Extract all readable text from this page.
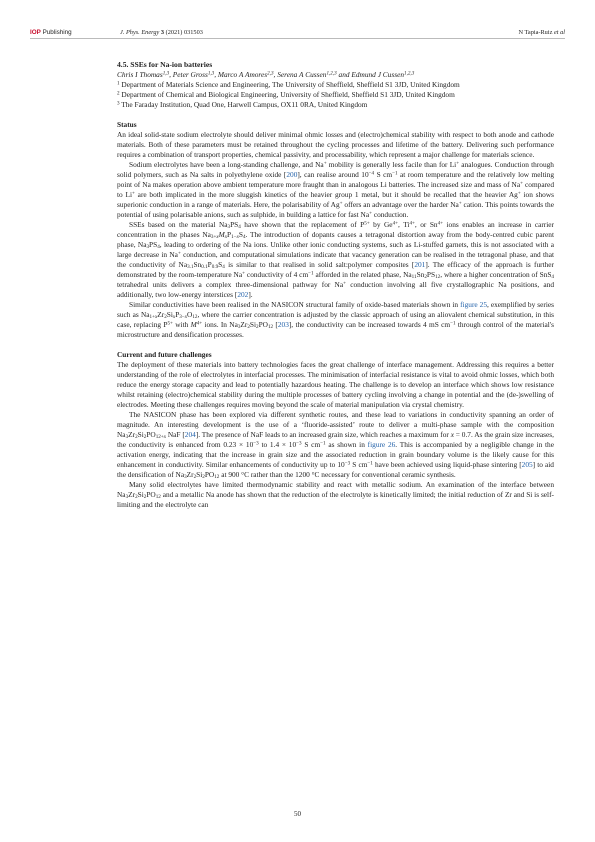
IOP Publishing	J. Phys. Energy 3 (2021) 031503	N Tapia-Ruiz et al

4.5. SSEs for Na-ion batteries

Chris I Thomas$^{1,3}$, Peter Gross$^{1,3}$, Marco A Amores$^{2,3}$, Serena A Cussen$^{1,2,3}$ and Edmund J Cussen$^{1,2,3}$

$^1$ Department of Materials Science and Engineering, The University of Sheffield, Sheffield S1 3JD, United Kingdom

$^2$ Department of Chemical and Biological Engineering, University of Sheffield, Sheffield S1 3JD, United Kingdom

$^3$ The Faraday Institution, Quad One, Harwell Campus, OX11 0RA, United Kingdom

Status

An ideal solid-state sodium electrolyte should deliver minimal ohmic losses and (electro)chemical stability with respect to both anode and cathode materials. Both of these parameters must be retained throughout the cycling processes and lifetime of the battery. Delivering such performance requires a combination of transport properties, chemical passivity, and processability, which represent a major challenge for materials science.

Sodium electrolytes have been a long-standing challenge, and Na+ mobility is generally less facile than for Li+ analogues. Conduction through solid polymers, such as Na salts in polyethylene oxide [200], can realise around $10^{-4}$ S $cm^{-1}$ at room temperature and the relatively low melting point of Na makes operation above ambient temperature more fraught than in analogous Li batteries. The increased size and mass of Na+ compared to Li+ are both implicated in the more sluggish kinetics of the heavier group 1 metal, but it should be recalled that the heavier Ag+ ion shows superionic conduction in a range of materials. Here, the polarisability of Ag+ offers an advantage over the harder Na+ cation. This points towards the potential of using polarisable anions, such as sulphide, in building a lattice for fast Na+ conduction.

SSEs based on the material $Na_3PS_4$ have shown that the replacement of $P^{5+}$ by $Ge^{4+}$, $Ti^{4+}$, or $Sn^{4+}$ ions enables an increase in carrier concentration in the phases $Na_{3+x}M_xP_{1-x}S_4$. The introduction of dopants causes a tetragonal distortion away from the body-centred cubic parent phase, $Na_3PS_4$, leading to ordering of the Na ions. Unlike other ionic conducting systems, such as Li-stuffed garnets, this is not associated with a large decrease in Na+ conduction, and computational simulations indicate that vacancy generation can be realised in the tetragonal phase, and that the conductivity of $Na_{3.1}Sn_{0.1}P_{0.9}S_4$ is similar to that realised in solid salt:polymer composites [201]. The efficacy of the approach is further demonstrated by the room-temperature Na+ conductivity of 4 $cm^{-1}$ afforded in the related phase, $Na_{11}Sn_2PS_{12}$, where a higher concentration of SnS$_4$ tetrahedral units delivers a complex three-dimensional pathway for Na+ conduction involving all five crystallographic Na positions, and additionally, two low-energy interstices [202].

Similar conductivities have been realised in the NASICON structural family of oxide-based materials shown in figure 25, exemplified by series such as $Na_{1+x}Zr_2Si_xP_{3-x}O_{12}$, where the carrier concentration is adjusted by the classic approach of using an aliovalent chemical substitution, in this case, replacing $P^{5+}$ with $M^{4+}$ ions. In $Na_3Zr_2Si_2PO_{12}$ [203], the conductivity can be increased towards 4 mS $cm^{-1}$ through control of the material's microstructure and densification processes.

Current and future challenges

The deployment of these materials into battery technologies faces the great challenge of interface management. Addressing this requires a better understanding of the role of electrolytes in interfacial processes. The minimisation of interfacial resistance is vital to avoid ohmic losses, which both reduce the energy storage capacity and lead to potentially hazardous heating. The challenge is to develop an interface which shows low resistance whilst retaining (electro)chemical stability during the multiple processes of battery cycling involving a change in potential and the (de-)swelling of electrodes. Meeting these challenges requires moving beyond the scale of material manipulation via crystal chemistry.

The NASICON phase has been explored via different synthetic routes, and these lead to variations in conductivity spanning an order of magnitude. An interesting development is the use of a ‘fluoride-assisted’ route to deliver a multi-phase sample with the composition $Na_3Zr_2Si_2PO_{12+x}$ NaF [204]. The presence of NaF leads to an increased grain size, which reaches a maximum for x = 0.7. As the grain size increases, the conductivity is enhanced from $0.23 \times 10^{-3}$ to $1.4 \times 10^{-3}$ S $cm^{-1}$ as shown in figure 26. This is accompanied by a negligible change in the activation energy, indicating that the increase in grain size and the associated reduction in grain boundary volume is the likely cause for this enhancement in conductivity. Similar enhancements of conductivity up to $10^{-3}$ S $cm^{-1}$ have been achieved using liquid-phase sintering [205] to aid the densification of $Na_3Zr_2Si_2PO_{12}$ at 900 °C rather than the 1200 °C necessary for conventional ceramic synthesis.

Many solid electrolytes have limited thermodynamic stability and react with metallic sodium. An examination of the interface between $Na_3Zr_2Si_2PO_{12}$ and a metallic Na anode has shown that the reduction of the electrolyte is kinetically limited; the initial reduction of Zr and Si is self-limiting and the electrolyte can

50
